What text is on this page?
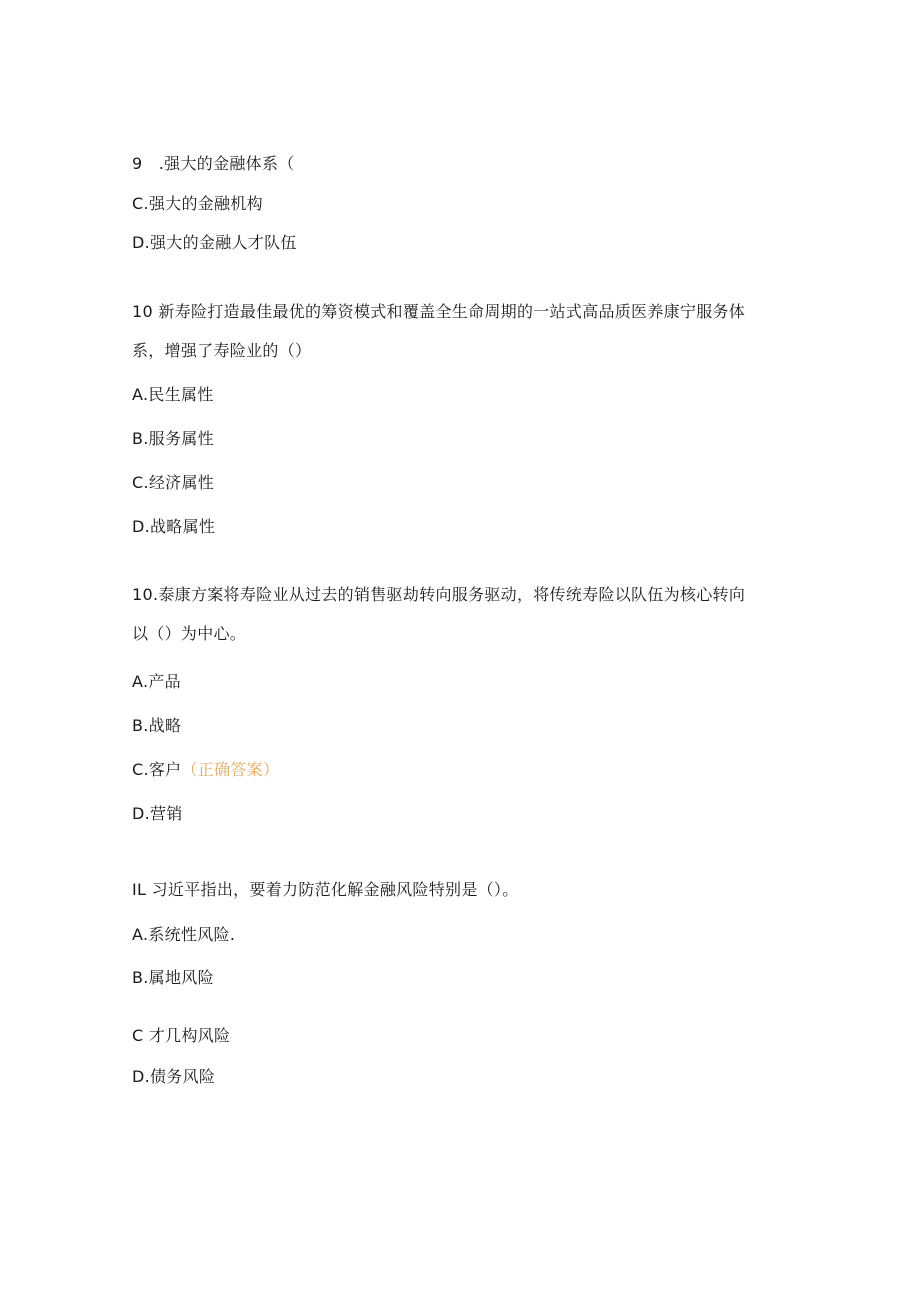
9　.强大的金融体系（
C.强大的金融机构
D.强大的金融人才队伍
10 新寿险打造最佳最优的筹资模式和覆盖全生命周期的一站式高品质医养康宁服务体
系，增强了寿险业的（）
A.民生属性
B.服务属性
C.经济属性
D.战略属性
10.泰康方案将寿险业从过去的销售驱劫转向服务驱动，将传统寿险以队伍为核心转向
以（）为中心。
A.产品
B.战略
C.客户（正确答案）
D.营销
IL 习近平指出，要着力防范化解金融风险特别是（）。
A.系统性风险.
B.属地风险
C 才几构风险
D.债务风险
